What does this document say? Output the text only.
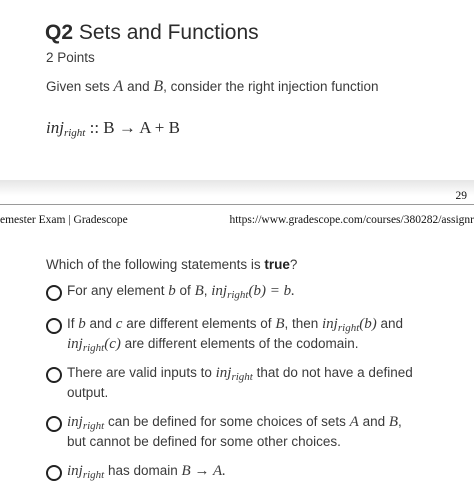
Q2 Sets and Functions
2 Points
Given sets A and B, consider the right injection function
inj$_{right}$ :: B → A + B
29
emester Exam | Gradescope	https://www.gradescope.com/courses/380282/assignr
Which of the following statements is true?
For any element b of B, inj$_{right}$(b) = b.
If b and c are different elements of B, then inj$_{right}$(b) and
inj$_{right}$(c) are different elements of the codomain.
There are valid inputs to inj$_{right}$ that do not have a defined
output.
inj$_{right}$ can be defined for some choices of sets A and B,
but cannot be defined for some other choices.
inj$_{right}$ has domain B → A.
